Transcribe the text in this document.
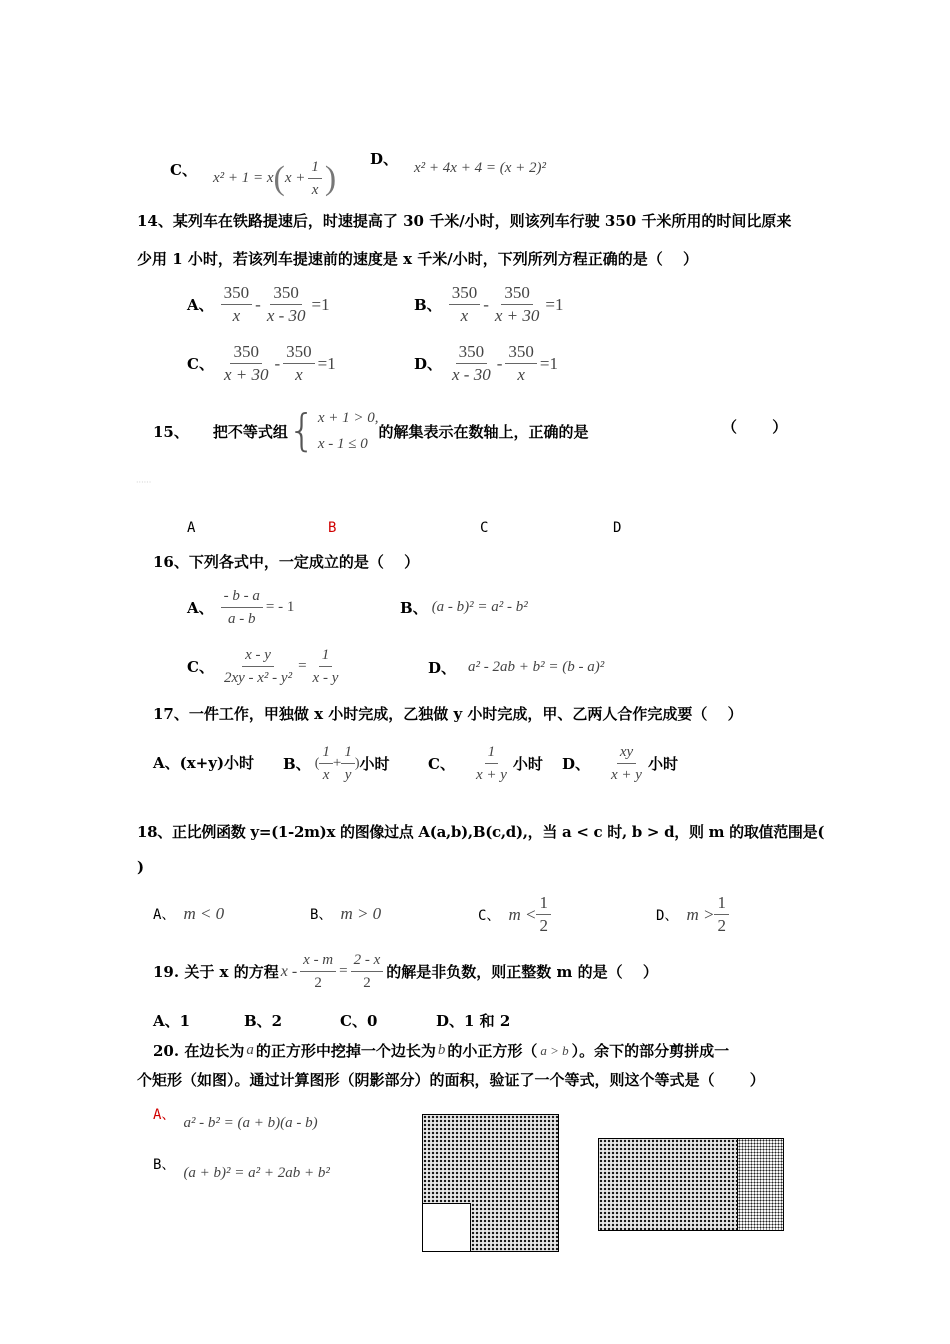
C、 x² + 1 = x ( $x + \frac{1}{x}$ )
D、 x² + 4x + 4 = (x + 2)²
14、某列车在铁路提速后，时速提高了 30 千米/小时，则该列车行驶 350 千米所用的时间比原来
少用 1 小时，若该列车提速前的速度是 x 千米/小时，下列所列方程正确的是（　 ）
A、 $\frac{350}{x} - \frac{350}{x - 30} =1$	B、 $\frac{350}{x} - \frac{350}{x + 30} =1$
C、 $\frac{350}{x + 30} - \frac{350}{x} =1$	D、 $\frac{350}{x - 30} - \frac{350}{x} =1$
15、 把不等式组 { x + 1 > 0,
x - 1 ≤ 0
的解集表示在数轴上，正确的是	（　　 ）
······
A	B	C	D
16、下列各式中，一定成立的是（　 ）
A、 $\frac{- b - a}{a - b}$ = - 1	B、 (a - b)² = a² - b²
C、 $\frac{x - y}{\text{2xy - x² - y²}} = \frac{1}{x - y}$	D、 a² - 2ab + b² = (b - a)²
17、一件工作，甲独做 x 小时完成，乙独做 y 小时完成，甲、乙两人合作完成要（　 ）
A、(x+y)小时 B、 ( $\frac{1}{x} + \frac{1}{y}$ ) 小时	C、 $\frac{1}{x + y}$ 小时 D、 $\frac{xy}{x + y}$ 小时
18、正比例函数 y=(1-2m)x 的图像过点 A(a,b),B(c,d),，当 a < c 时, b > d，则 m 的取值范围是(
)
A、 m < 0	B、 m > 0	C、 $m < \frac{1}{2}$	D、 $m > \frac{1}{2}$
19. 关于 x 的方程 $x - \frac{x - m}{2} = \frac{2 - x}{2}$ 的解是非负数，则正整数 m 的是（　 ）
A、1	B、2	C、0	D、1 和 2
20. 在边长为 a 的正方形中挖掉一个边长为 b 的小正方形（ a > b ）。余下的部分剪拼成一
个矩形（如图）。通过计算图形（阴影部分）的面积，验证了一个等式，则这个等式是（　　 ）
A、
a² - b² = (a + b)(a - b)
B、
(a + b)² = a² + 2ab + b²
